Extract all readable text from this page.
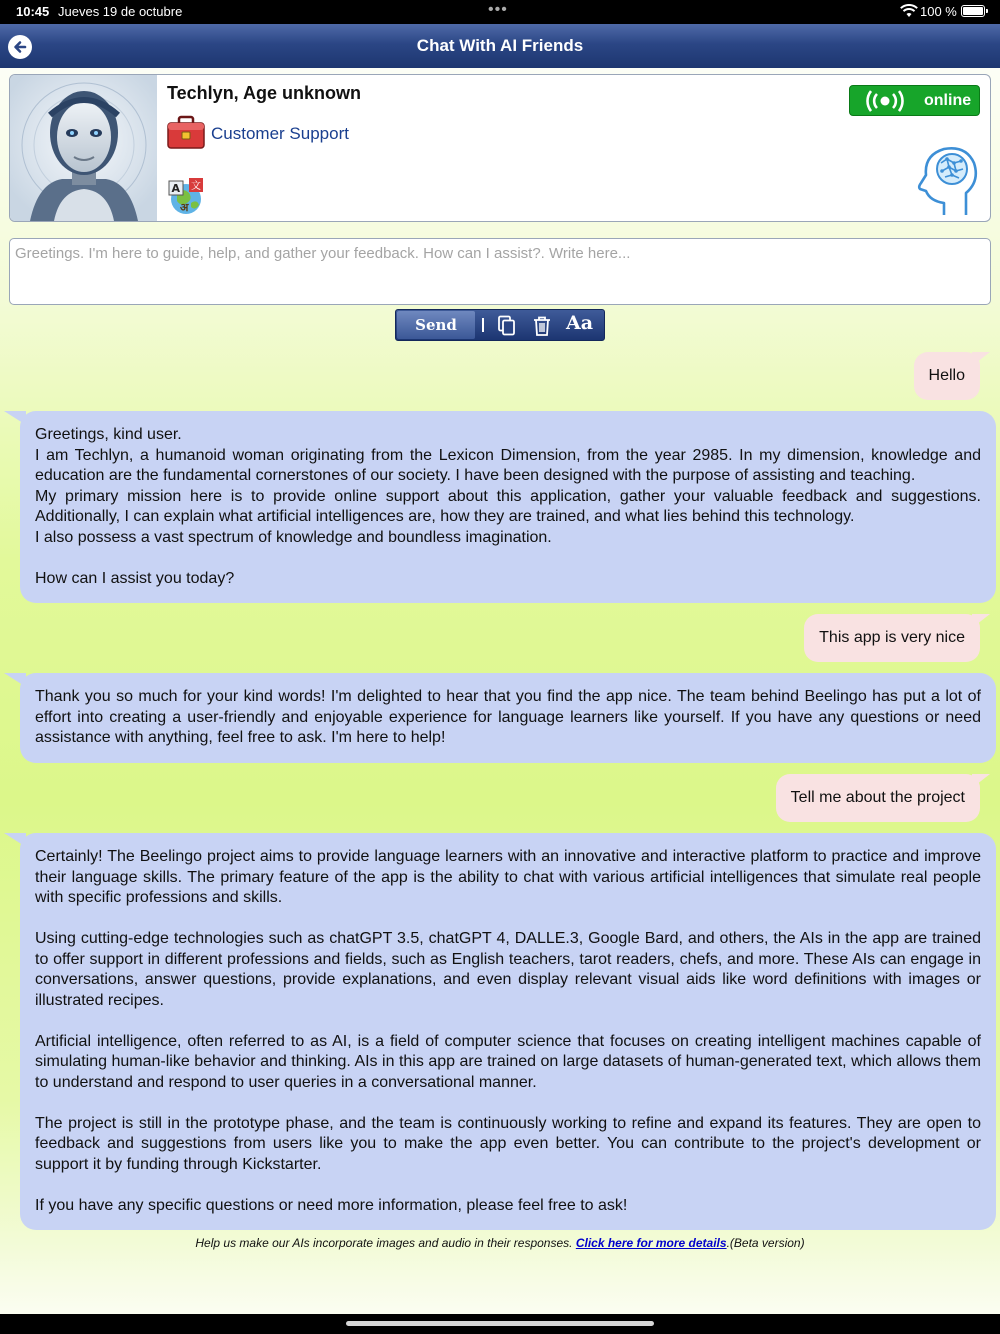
10:45 Jueves 19 de octubre	•••	100 %
Chat With AI Friends
Techlyn, Age unknown
Customer Support
A 文
अ
online
Greetings. I'm here to guide, help, and gather your feedback. How can I assist?. Write here...
Send	Aa
Hello

Greetings, kind user.

I am Techlyn, a humanoid woman originating from the Lexicon Dimension, from the year 2985. In my dimension, knowledge and education are the fundamental cornerstones of our society. I have been designed with the purpose of assisting and teaching.

My primary mission here is to provide online support about this application, gather your valuable feedback and suggestions. Additionally, I can explain what artificial intelligences are, how they are trained, and what lies behind this technology.

I also possess a vast spectrum of knowledge and boundless imagination.

How can I assist you today?

This app is very nice

Thank you so much for your kind words! I'm delighted to hear that you find the app nice. The team behind Beelingo has put a lot of effort into creating a user-friendly and enjoyable experience for language learners like yourself. If you have any questions or need assistance with anything, feel free to ask. I'm here to help!

Tell me about the project

Certainly! The Beelingo project aims to provide language learners with an innovative and interactive platform to practice and improve their language skills. The primary feature of the app is the ability to chat with various artificial intelligences that simulate real people with specific professions and skills.

Using cutting-edge technologies such as chatGPT 3.5, chatGPT 4, DALLE.3, Google Bard, and others, the AIs in the app are trained to offer support in different professions and fields, such as English teachers, tarot readers, chefs, and more. These AIs can engage in conversations, answer questions, provide explanations, and even display relevant visual aids like word definitions with images or illustrated recipes.

Artificial intelligence, often referred to as AI, is a field of computer science that focuses on creating intelligent machines capable of simulating human-like behavior and thinking. AIs in this app are trained on large datasets of human-generated text, which allows them to understand and respond to user queries in a conversational manner.

The project is still in the prototype phase, and the team is continuously working to refine and expand its features. They are open to feedback and suggestions from users like you to make the app even better. You can contribute to the project's development or support it by funding through Kickstarter.

If you have any specific questions or need more information, please feel free to ask!

Help us make our AIs incorporate images and audio in their responses. Click here for more details.(Beta version)
